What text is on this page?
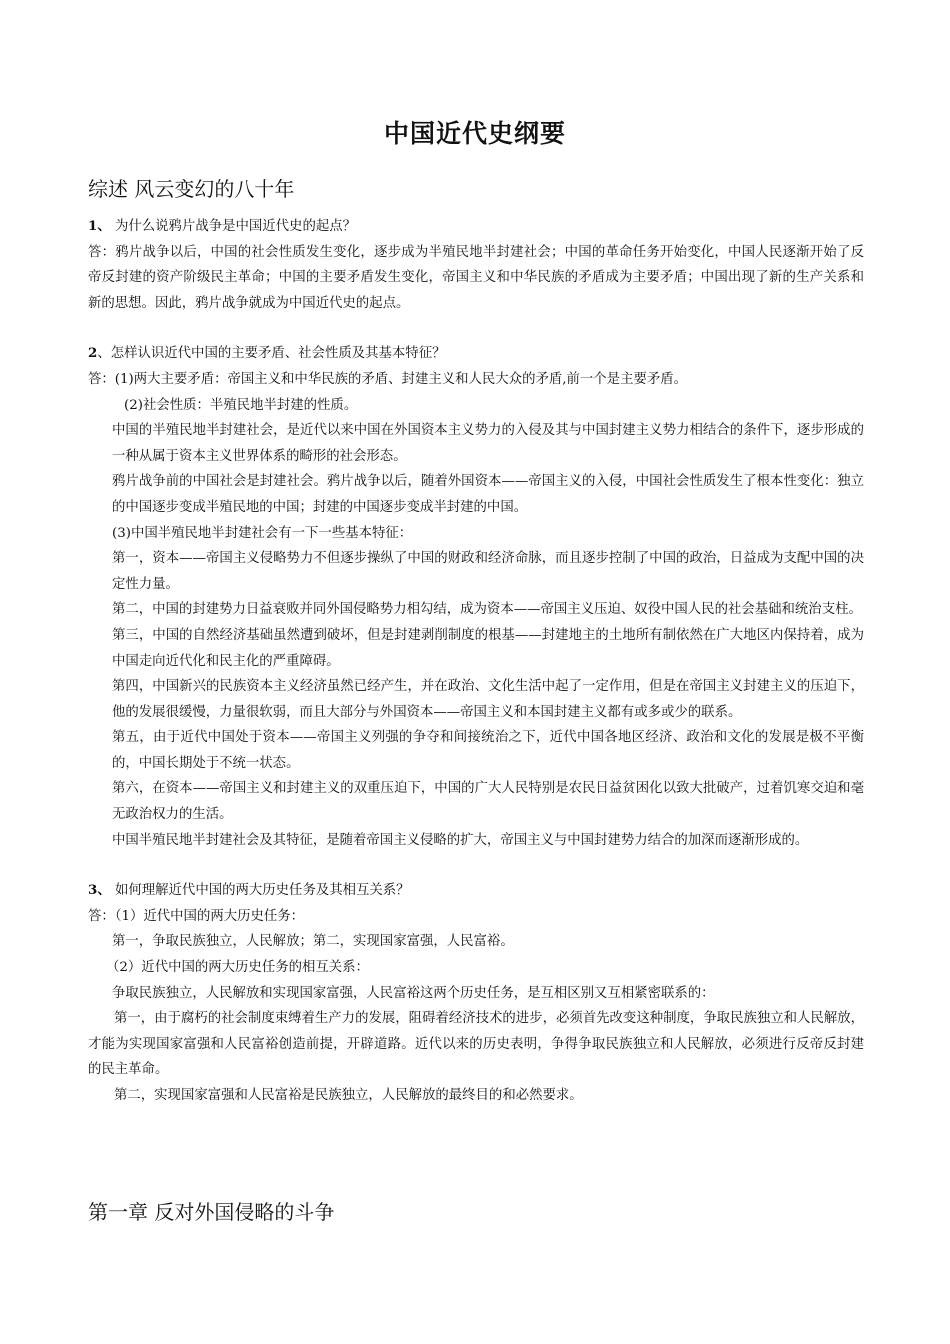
中国近代史纲要
综述 风云变幻的八十年

1、 为什么说鸦片战争是中国近代史的起点？

答：鸦片战争以后，中国的社会性质发生变化，逐步成为半殖民地半封建社会；中国的革命任务开始变化，中国人民逐渐开始了反帝反封建的资产阶级民主革命；中国的主要矛盾发生变化，帝国主义和中华民族的矛盾成为主要矛盾；中国出现了新的生产关系和新的思想。因此，鸦片战争就成为中国近代史的起点。

2、怎样认识近代中国的主要矛盾、社会性质及其基本特征？

答：(1)两大主要矛盾：帝国主义和中华民族的矛盾、封建主义和人民大众的矛盾,前一个是主要矛盾。

(2)社会性质：半殖民地半封建的性质。

中国的半殖民地半封建社会，是近代以来中国在外国资本主义势力的入侵及其与中国封建主义势力相结合的条件下，逐步形成的一种从属于资本主义世界体系的畸形的社会形态。

鸦片战争前的中国社会是封建社会。鸦片战争以后，随着外国资本——帝国主义的入侵，中国社会性质发生了根本性变化：独立的中国逐步变成半殖民地的中国；封建的中国逐步变成半封建的中国。

(3)中国半殖民地半封建社会有一下一些基本特征：

第一，资本——帝国主义侵略势力不但逐步操纵了中国的财政和经济命脉，而且逐步控制了中国的政治，日益成为支配中国的决定性力量。

第二，中国的封建势力日益衰败并同外国侵略势力相勾结，成为资本——帝国主义压迫、奴役中国人民的社会基础和统治支柱。

第三，中国的自然经济基础虽然遭到破坏，但是封建剥削制度的根基——封建地主的土地所有制依然在广大地区内保持着，成为中国走向近代化和民主化的严重障碍。

第四，中国新兴的民族资本主义经济虽然已经产生，并在政治、文化生活中起了一定作用，但是在帝国主义封建主义的压迫下，他的发展很缓慢，力量很软弱，而且大部分与外国资本——帝国主义和本国封建主义都有或多或少的联系。

第五，由于近代中国处于资本——帝国主义列强的争夺和间接统治之下，近代中国各地区经济、政治和文化的发展是极不平衡的，中国长期处于不统一状态。

第六，在资本——帝国主义和封建主义的双重压迫下，中国的广大人民特别是农民日益贫困化以致大批破产，过着饥寒交迫和毫无政治权力的生活。

中国半殖民地半封建社会及其特征，是随着帝国主义侵略的扩大，帝国主义与中国封建势力结合的加深而逐渐形成的。

3、 如何理解近代中国的两大历史任务及其相互关系？

答：（1）近代中国的两大历史任务：

第一，争取民族独立，人民解放；第二，实现国家富强，人民富裕。

（2）近代中国的两大历史任务的相互关系：

争取民族独立，人民解放和实现国家富强，人民富裕这两个历史任务，是互相区别又互相紧密联系的：

第一，由于腐朽的社会制度束缚着生产力的发展，阻碍着经济技术的进步，必须首先改变这种制度，争取民族独立和人民解放，才能为实现国家富强和人民富裕创造前提，开辟道路。近代以来的历史表明，争得争取民族独立和人民解放，必须进行反帝反封建的民主革命。

第二，实现国家富强和人民富裕是民族独立，人民解放的最终目的和必然要求。

第一章 反对外国侵略的斗争
